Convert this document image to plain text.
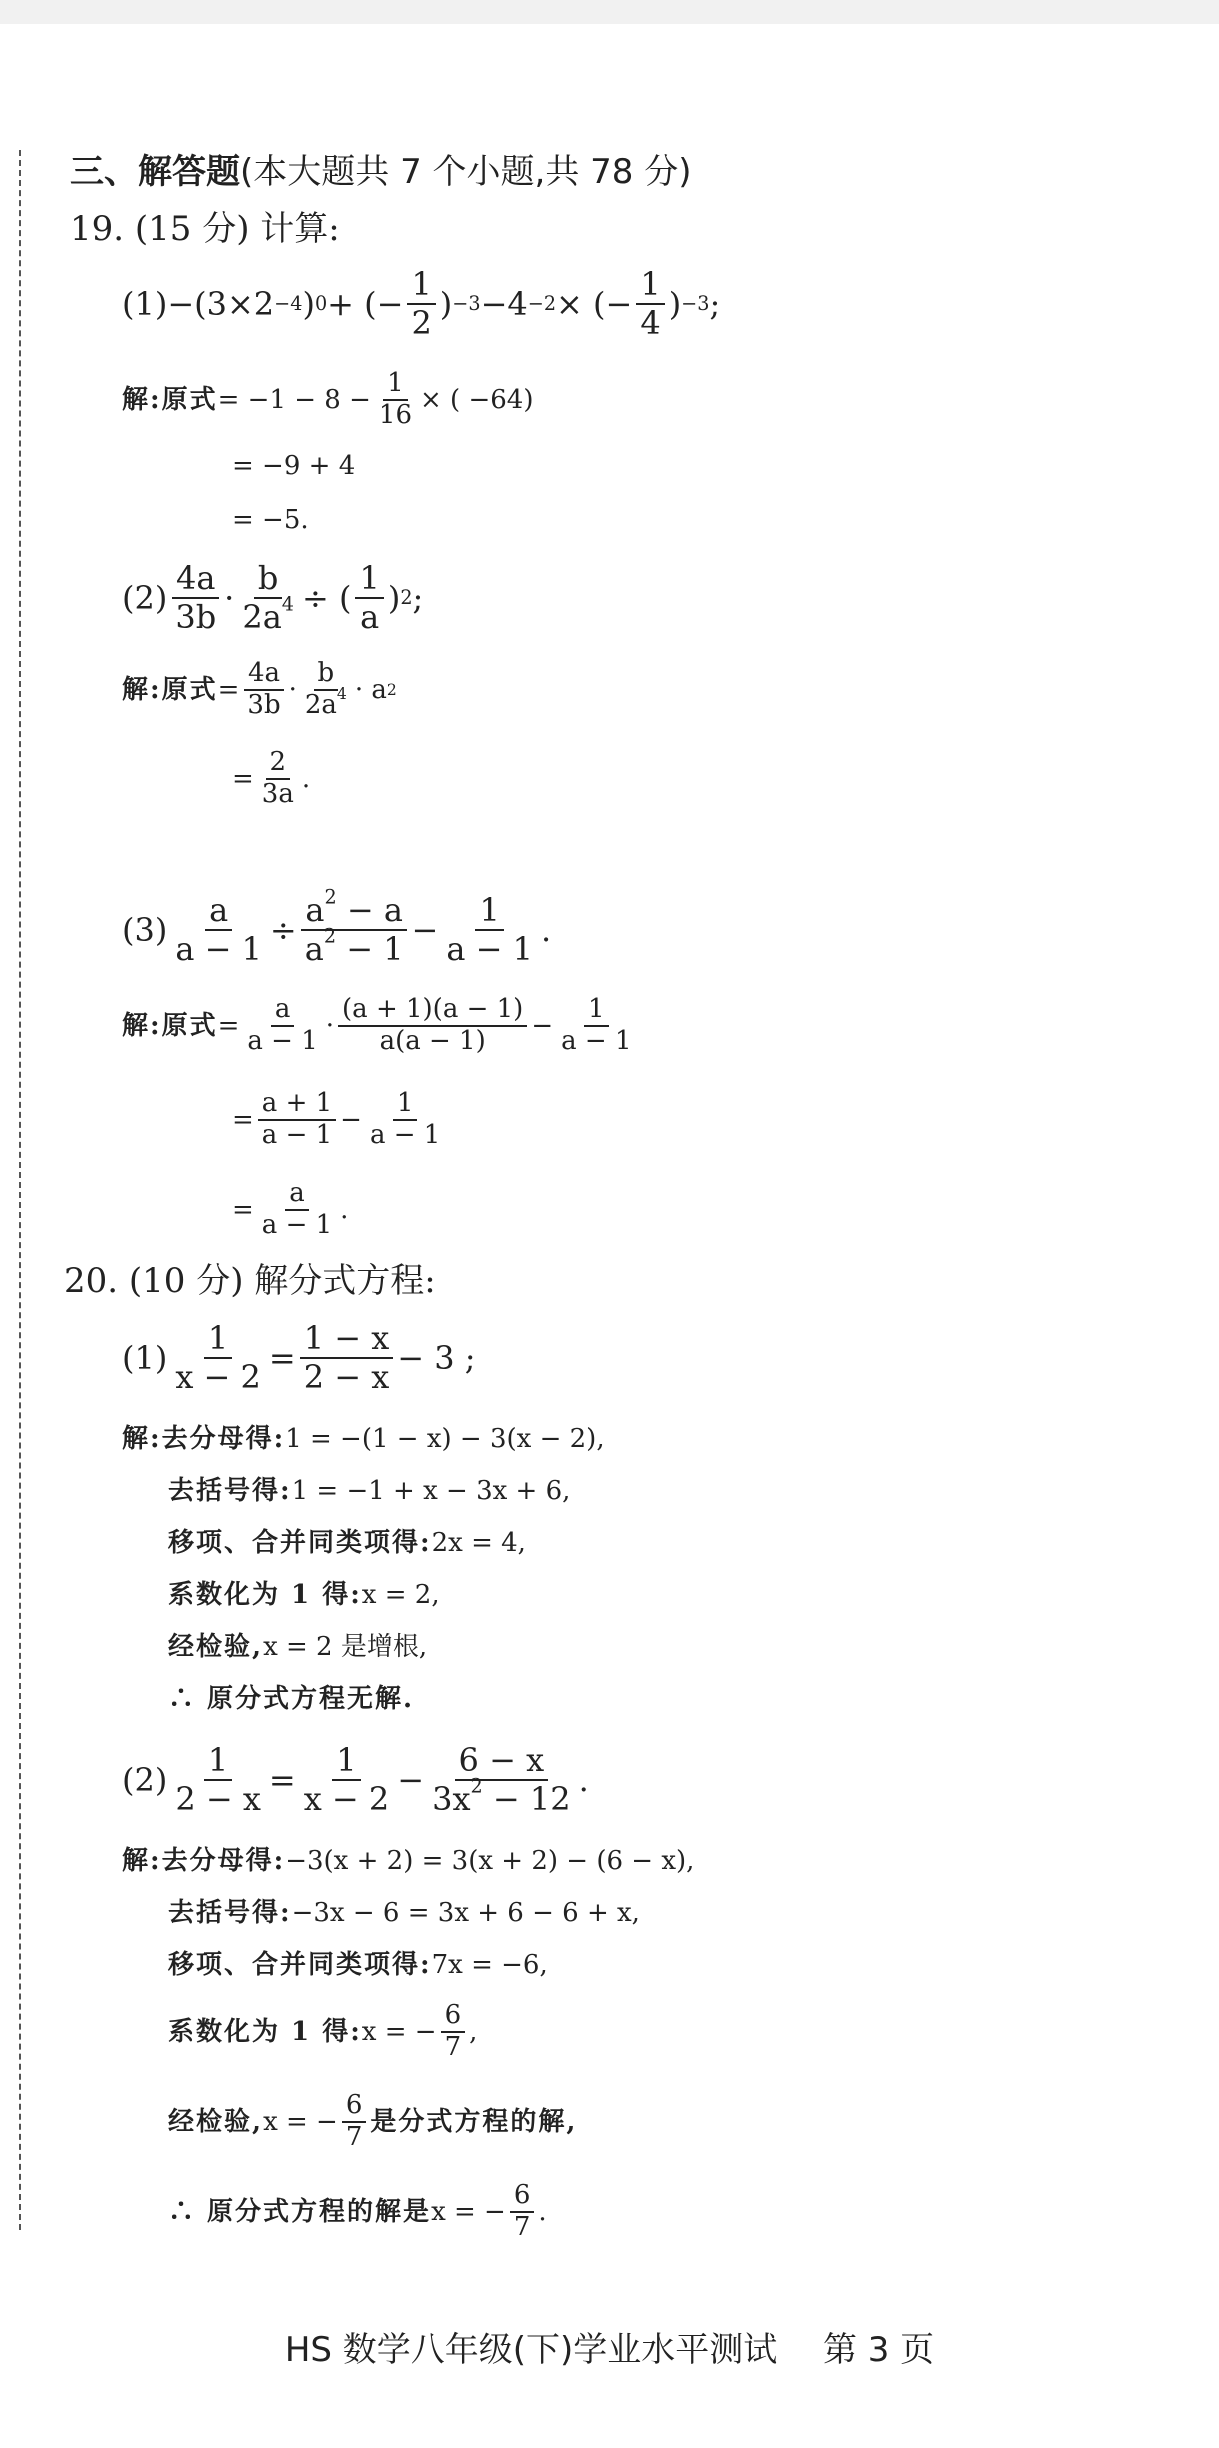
三、解答题 (本大题共 7 个小题,共 78 分)
19. (15 分) 计算:
(1) −(3×2 −4 ) 0 + (− $\frac{1}{2}$ ) −3 −4 −2 × (− $\frac{1}{4}$ ) −3 ;
解:原式 = $-1 - 8 - \frac{1}{16}$ × ( −64)
= −9 + 4
= −5.
$(2) \frac{4a}{3b} \cdot \frac{b}{2a^4}$ ÷ ( $\frac{1}{a}$ ) 2 ;
解:原式 = $\frac{4a}{3b} \cdot \frac{b}{2a^4} \cdot a$ 2
= $\frac{2}{3a}$ .
$(3) \frac{a}{a - 1} \div \frac{a^2 - a}{a^2 - 1} - \frac{1}{a - 1}$ .
解:原式 = $\frac{a}{a - 1} \cdot \frac{(a + 1)(a - 1)}{a(a - 1)} - \frac{1}{a - 1}$
= $\frac{a + 1}{a - 1} - \frac{1}{a - 1}$
= $\frac{a}{a - 1}$ .
20. (10 分) 解分式方程:
$(1) \frac{1}{x - 2} = \frac{1 - x}{2 - x} - 3$ ;
解:去分母得: 1 = −(1 − x) − 3(x − 2),
去括号得: 1 = −1 + x − 3x + 6,
移项、合并同类项得: 2x = 4,
系数化为 1 得: x = 2,
经检验, x = 2 是增根,
∴ 原分式方程无解.
$(2) \frac{1}{2 - x} = \frac{1}{x - 2} - \frac{6 - x}{3x^2 - 12}$ .
解:去分母得: −3(x + 2) = 3(x + 2) − (6 − x),
去括号得: −3x − 6 = 3x + 6 − 6 + x,
移项、合并同类项得: 7x = −6,
系数化为 1 得: x = − $\frac{6}{7}$ ,
经检验, x = − $\frac{6}{7}$ 是分式方程的解,
∴ 原分式方程的解是 x = − $\frac{6}{7}$ .
HS 数学八年级(下)学业水平测试 第 3 页
